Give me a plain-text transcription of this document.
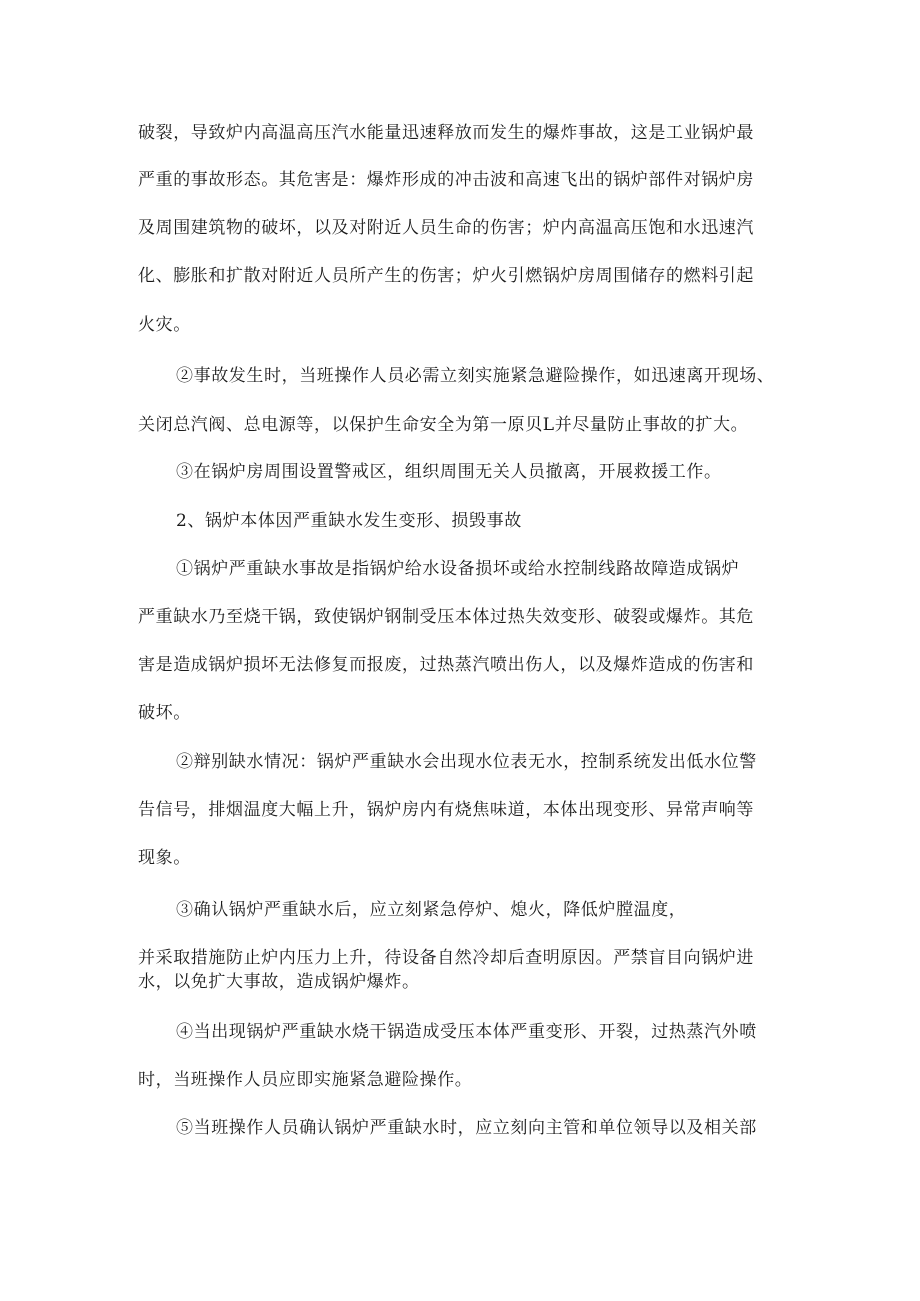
破裂，导致炉内高温高压汽水能量迅速释放而发生的爆炸事故，这是工业锅炉最
严重的事故形态。其危害是：爆炸形成的冲击波和高速飞出的锅炉部件对锅炉房
及周围建筑物的破坏，以及对附近人员生命的伤害；炉内高温高压饱和水迅速汽
化、膨胀和扩散对附近人员所产生的伤害；炉火引燃锅炉房周围储存的燃料引起
火灾。
②事故发生时，当班操作人员必需立刻实施紧急避险操作，如迅速离开现场、
关闭总汽阀、总电源等，以保护生命安全为第一原贝L并尽量防止事故的扩大。
③在锅炉房周围设置警戒区，组织周围无关人员撤离，开展救援工作。
2、锅炉本体因严重缺水发生变形、损毁事故
①锅炉严重缺水事故是指锅炉给水设备损坏或给水控制线路故障造成锅炉
严重缺水乃至烧干锅，致使锅炉钢制受压本体过热失效变形、破裂或爆炸。其危
害是造成锅炉损坏无法修复而报废，过热蒸汽喷出伤人，以及爆炸造成的伤害和
破坏。
②辩别缺水情况：锅炉严重缺水会出现水位表无水，控制系统发出低水位警
告信号，排烟温度大幅上升，锅炉房内有烧焦味道，本体出现变形、异常声响等
现象。
③确认锅炉严重缺水后，应立刻紧急停炉、熄火，降低炉膛温度，
并采取措施防止炉内压力上升，待设备自然冷却后查明原因。严禁盲目向锅炉进
水，以免扩大事故，造成锅炉爆炸。
④当出现锅炉严重缺水烧干锅造成受压本体严重变形、开裂，过热蒸汽外喷
时，当班操作人员应即实施紧急避险操作。
⑤当班操作人员确认锅炉严重缺水时，应立刻向主管和单位领导以及相关部
